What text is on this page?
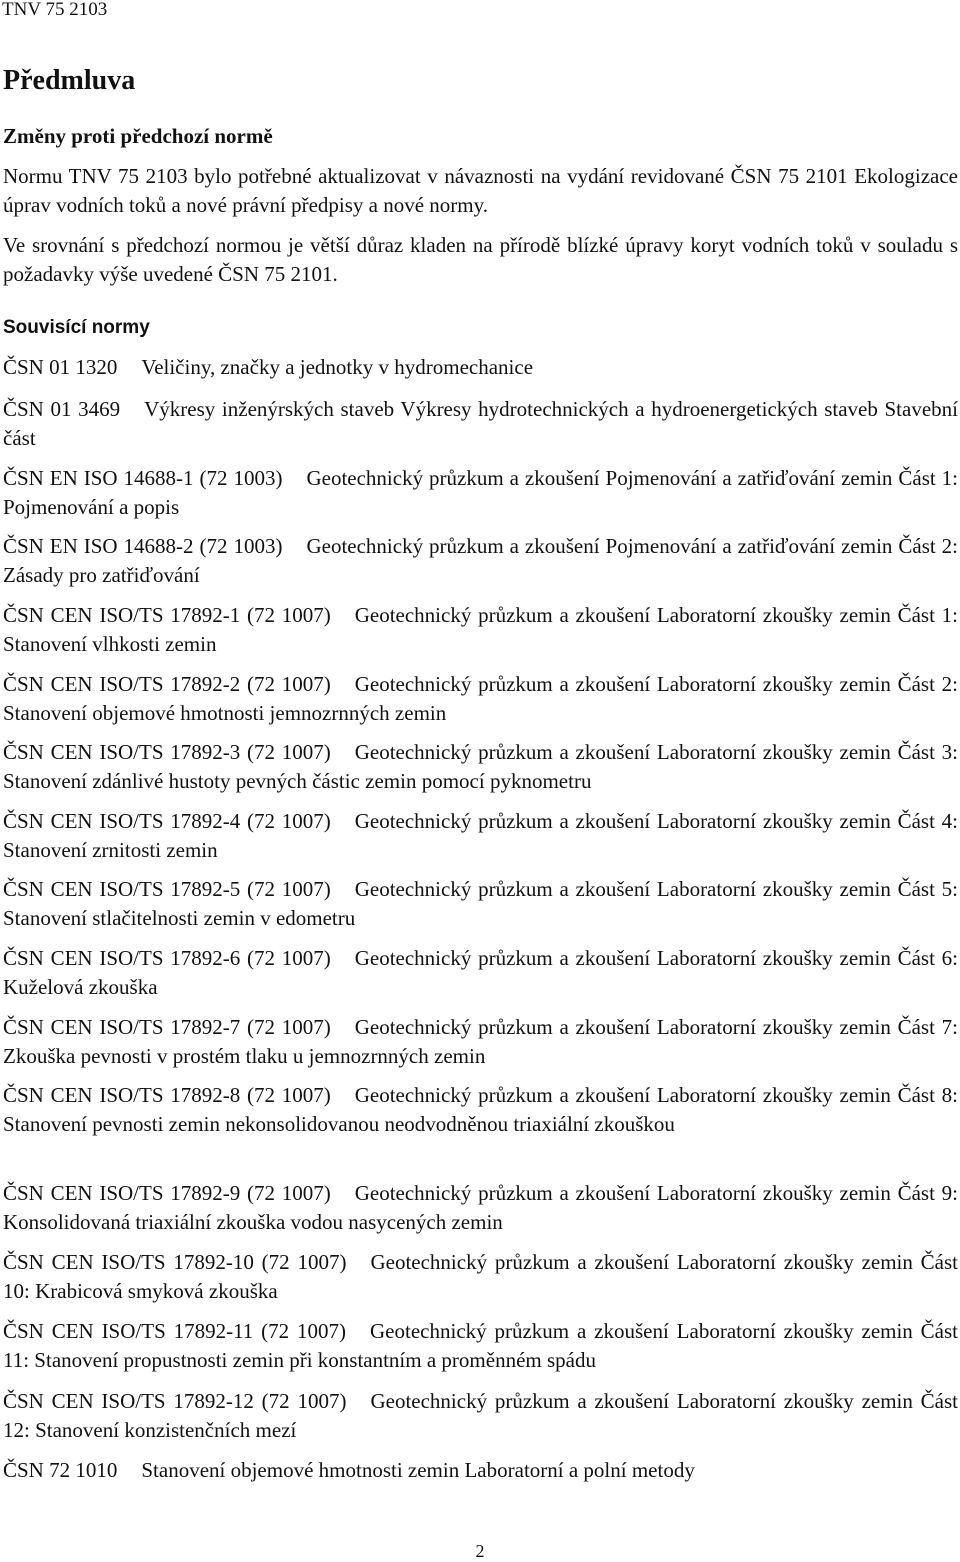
TNV 75 2103
Předmluva
Změny proti předchozí normě
Normu TNV 75 2103 bylo potřebné aktualizovat v návaznosti na vydání revidované ČSN 75 2101 Ekologizace úprav vodních toků a nové právní předpisy a nové normy.
Ve srovnání s předchozí normou je větší důraz kladen na přírodě blízké úpravy koryt vodních toků v souladu s požadavky výše uvedené ČSN 75 2101.
Souvisící normy
ČSN 01 1320 Veličiny, značky a jednotky v hydromechanice
ČSN 01 3469 Výkresy inženýrských staveb Výkresy hydrotechnických a hydroenergetických staveb Stavební část
ČSN EN ISO 14688-1 (72 1003) Geotechnický průzkum a zkoušení Pojmenování a zatřiďování zemin Část 1: Pojmenování a popis
ČSN EN ISO 14688-2 (72 1003) Geotechnický průzkum a zkoušení Pojmenování a zatřiďování zemin Část 2: Zásady pro zatřiďování
ČSN CEN ISO/TS 17892-1 (72 1007) Geotechnický průzkum a zkoušení Laboratorní zkoušky zemin Část 1: Stanovení vlhkosti zemin
ČSN CEN ISO/TS 17892-2 (72 1007) Geotechnický průzkum a zkoušení Laboratorní zkoušky zemin Část 2: Stanovení objemové hmotnosti jemnozrnných zemin
ČSN CEN ISO/TS 17892-3 (72 1007) Geotechnický průzkum a zkoušení Laboratorní zkoušky zemin Část 3: Stanovení zdánlivé hustoty pevných částic zemin pomocí pyknometru
ČSN CEN ISO/TS 17892-4 (72 1007) Geotechnický průzkum a zkoušení Laboratorní zkoušky zemin Část 4: Stanovení zrnitosti zemin
ČSN CEN ISO/TS 17892-5 (72 1007) Geotechnický průzkum a zkoušení Laboratorní zkoušky zemin Část 5: Stanovení stlačitelnosti zemin v edometru
ČSN CEN ISO/TS 17892-6 (72 1007) Geotechnický průzkum a zkoušení Laboratorní zkoušky zemin Část 6: Kuželová zkouška
ČSN CEN ISO/TS 17892-7 (72 1007) Geotechnický průzkum a zkoušení Laboratorní zkoušky zemin Část 7: Zkouška pevnosti v prostém tlaku u jemnozrnných zemin
ČSN CEN ISO/TS 17892-8 (72 1007) Geotechnický průzkum a zkoušení Laboratorní zkoušky zemin Část 8: Stanovení pevnosti zemin nekonsolidovanou neodvodněnou triaxiální zkouškou
ČSN CEN ISO/TS 17892-9 (72 1007) Geotechnický průzkum a zkoušení Laboratorní zkoušky zemin Část 9: Konsolidovaná triaxiální zkouška vodou nasycených zemin
ČSN CEN ISO/TS 17892-10 (72 1007) Geotechnický průzkum a zkoušení Laboratorní zkoušky zemin Část 10: Krabicová smyková zkouška
ČSN CEN ISO/TS 17892-11 (72 1007) Geotechnický průzkum a zkoušení Laboratorní zkoušky zemin Část 11: Stanovení propustnosti zemin při konstantním a proměnném spádu
ČSN CEN ISO/TS 17892-12 (72 1007) Geotechnický průzkum a zkoušení Laboratorní zkoušky zemin Část 12: Stanovení konzistenčních mezí
ČSN 72 1010 Stanovení objemové hmotnosti zemin Laboratorní a polní metody
2
